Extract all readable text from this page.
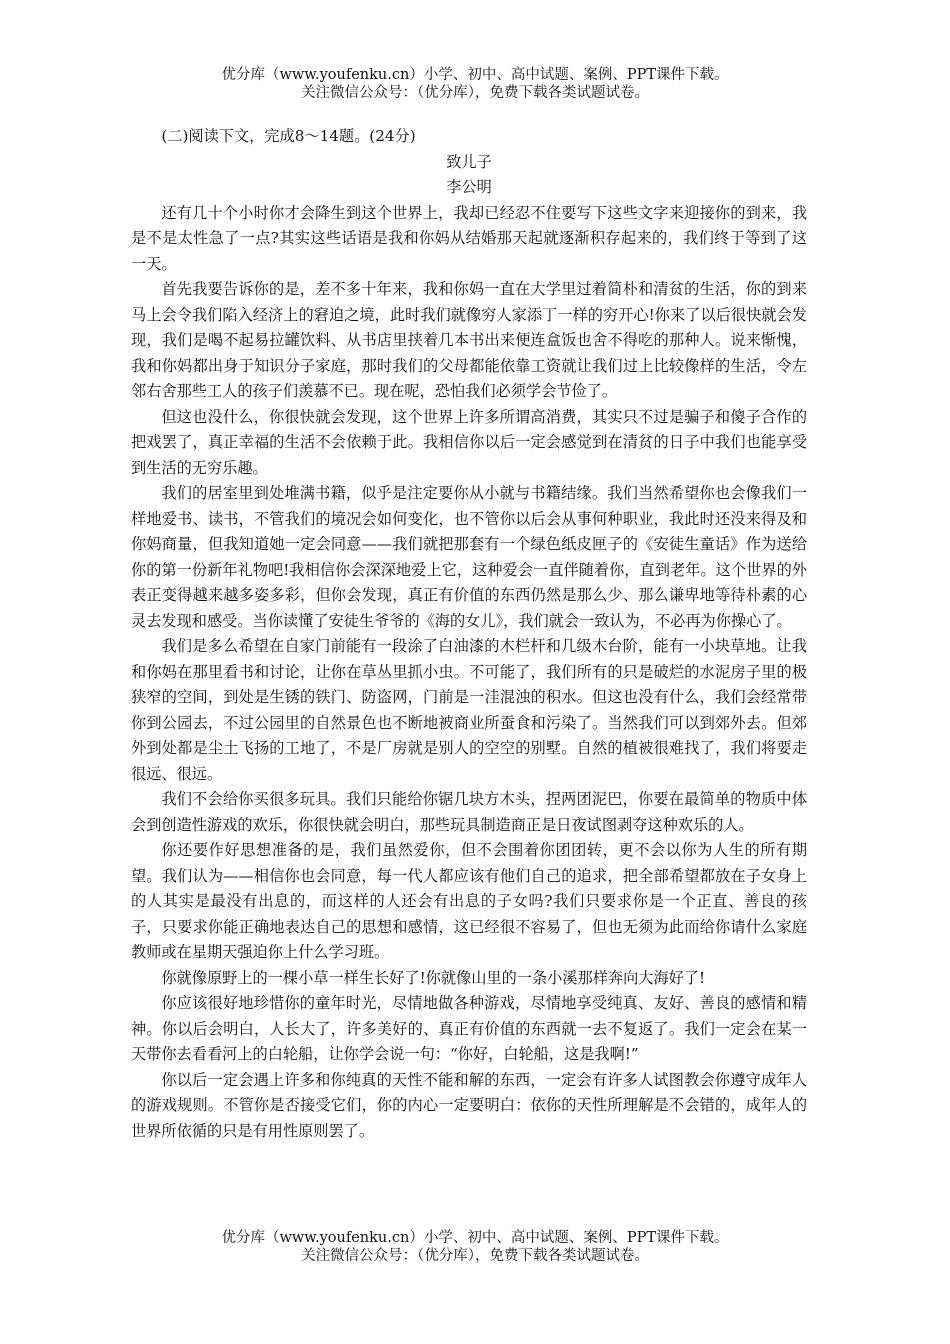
优分库（www.youfenku.cn）小学、初中、高中试题、案例、PPT课件下载。
关注微信公众号：（优分库），免费下载各类试题试卷。
(二)阅读下文，完成8～14题。(24分)
致儿子
李公明

还有几十个小时你才会降生到这个世界上，我却已经忍不住要写下这些文字来迎接你的到来，我是不是太性急了一点?其实这些话语是我和你妈从结婚那天起就逐渐积存起来的，我们终于等到了这一天。

首先我要告诉你的是，差不多十年来，我和你妈一直在大学里过着简朴和清贫的生活，你的到来马上会令我们陷入经济上的窘迫之境，此时我们就像穷人家添丁一样的穷开心!你来了以后很快就会发现，我们是喝不起易拉罐饮料、从书店里挟着几本书出来便连盒饭也舍不得吃的那种人。说来惭愧，我和你妈都出身于知识分子家庭，那时我们的父母都能依靠工资就让我们过上比较像样的生活，令左邻右舍那些工人的孩子们羡慕不已。现在呢，恐怕我们必须学会节俭了。

但这也没什么，你很快就会发现，这个世界上许多所谓高消费，其实只不过是骗子和傻子合作的把戏罢了，真正幸福的生活不会依赖于此。我相信你以后一定会感觉到在清贫的日子中我们也能享受到生活的无穷乐趣。

我们的居室里到处堆满书籍，似乎是注定要你从小就与书籍结缘。我们当然希望你也会像我们一样地爱书、读书，不管我们的境况会如何变化，也不管你以后会从事何种职业，我此时还没来得及和你妈商量，但我知道她一定会同意——我们就把那套有一个绿色纸皮匣子的《安徒生童话》作为送给你的第一份新年礼物吧!我相信你会深深地爱上它，这种爱会一直伴随着你，直到老年。这个世界的外表正变得越来越多姿多彩，但你会发现，真正有价值的东西仍然是那么少、那么谦卑地等待朴素的心灵去发现和感受。当你读懂了安徒生爷爷的《海的女儿》，我们就会一致认为，不必再为你操心了。

我们是多么希望在自家门前能有一段涂了白油漆的木栏杆和几级木台阶，能有一小块草地。让我和你妈在那里看书和讨论，让你在草丛里抓小虫。不可能了，我们所有的只是破烂的水泥房子里的极狭窄的空间，到处是生锈的铁门、防盗网，门前是一洼混浊的积水。但这也没有什么，我们会经常带你到公园去，不过公园里的自然景色也不断地被商业所蚕食和污染了。当然我们可以到郊外去。但郊外到处都是尘土飞扬的工地了，不是厂房就是别人的空空的别墅。自然的植被很难找了，我们将要走很远、很远。

我们不会给你买很多玩具。我们只能给你锯几块方木头，捏两团泥巴，你要在最简单的物质中体会到创造性游戏的欢乐，你很快就会明白，那些玩具制造商正是日夜试图剥夺这种欢乐的人。

你还要作好思想准备的是，我们虽然爱你，但不会围着你团团转，更不会以你为人生的所有期望。我们认为——相信你也会同意，每一代人都应该有他们自己的追求，把全部希望都放在子女身上的人其实是最没有出息的，而这样的人还会有出息的子女吗?我们只要求你是一个正直、善良的孩子，只要求你能正确地表达自己的思想和感情，这已经很不容易了，但也无须为此而给你请什么家庭教师或在星期天强迫你上什么学习班。

你就像原野上的一棵小草一样生长好了!你就像山里的一条小溪那样奔向大海好了!

你应该很好地珍惜你的童年时光，尽情地做各种游戏，尽情地享受纯真、友好、善良的感情和精神。你以后会明白，人长大了，许多美好的、真正有价值的东西就一去不复返了。我们一定会在某一天带你去看看河上的白轮船，让你学会说一句：“你好，白轮船，这是我啊!”

你以后一定会遇上许多和你纯真的天性不能和解的东西，一定会有许多人试图教会你遵守成年人的游戏规则。不管你是否接受它们，你的内心一定要明白：依你的天性所理解是不会错的，成年人的世界所依循的只是有用性原则罢了。

优分库（www.youfenku.cn）小学、初中、高中试题、案例、PPT课件下载。
关注微信公众号：（优分库），免费下载各类试题试卷。
